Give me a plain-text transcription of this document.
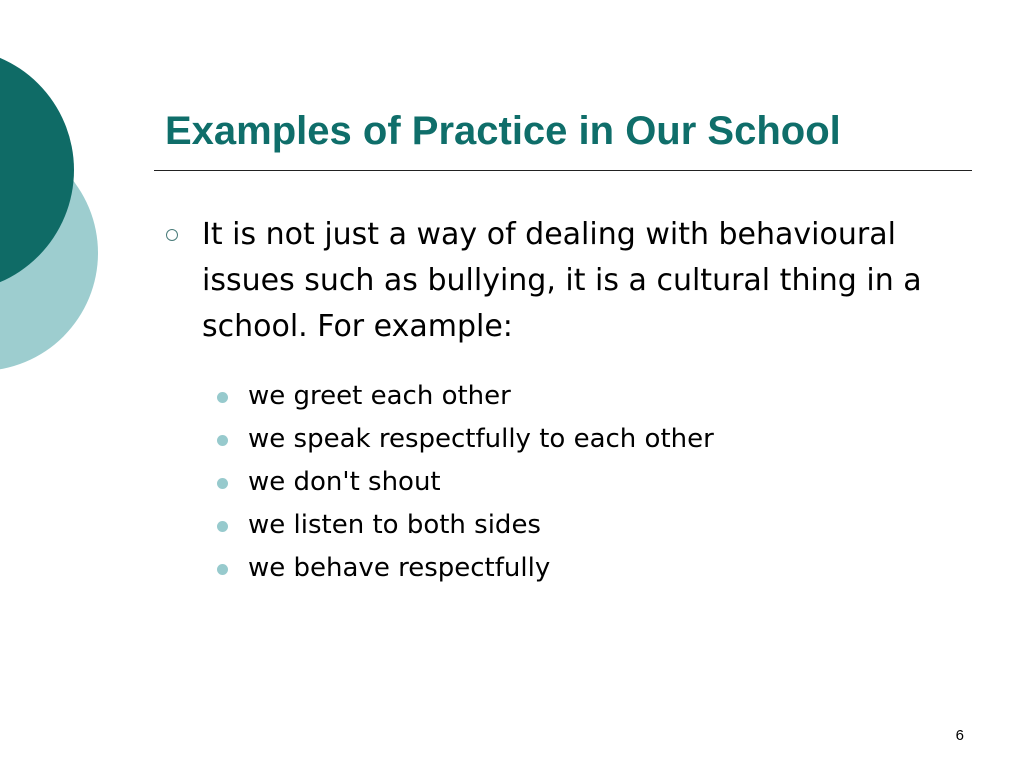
Examples of Practice in Our School

It is not just a way of dealing with behavioural issues such as bullying, it is a cultural thing in a school. For example:

we greet each other
we speak respectfully to each other
we don't shout
we listen to both sides
we behave respectfully
6
